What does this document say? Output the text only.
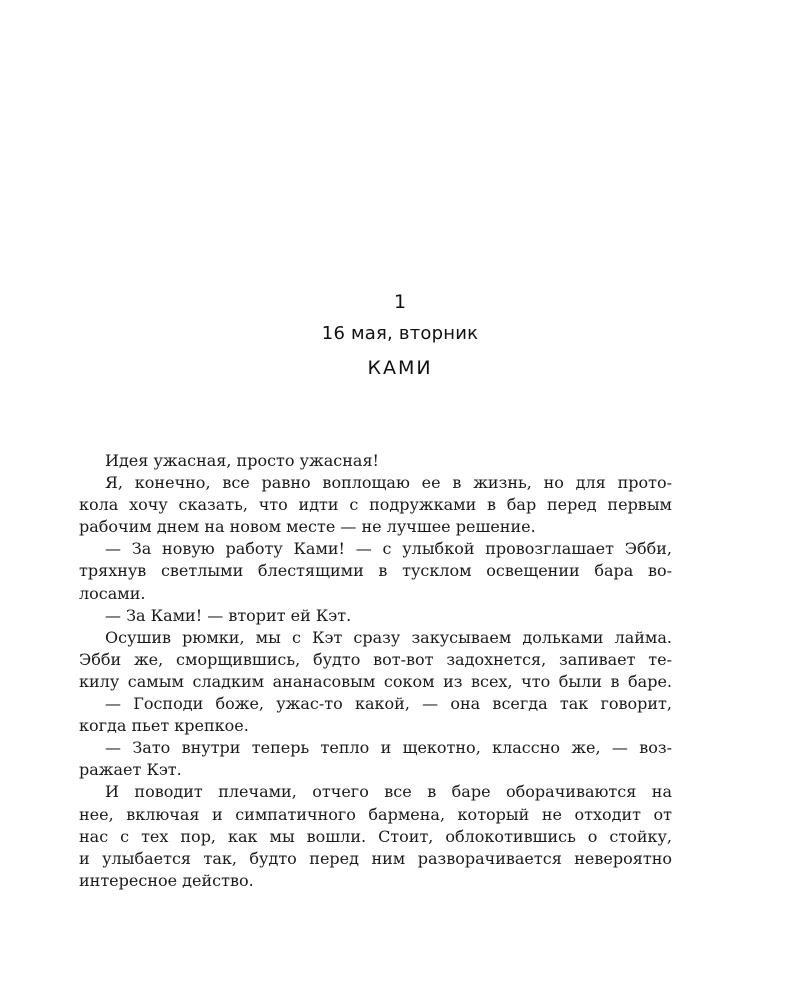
1
16 мая, вторник
КАМИ
Идея ужасная, просто ужасная!
Я, конечно, все равно воплощаю ее в жизнь, но для прото-
кола хочу сказать, что идти с подружками в бар перед первым
рабочим днем на новом месте — не лучшее решение.
— За новую работу Ками! — с улыбкой провозглашает Эбби,
тряхнув светлыми блестящими в тусклом освещении бара во-
лосами.
— За Ками! — вторит ей Кэт.
Осушив рюмки, мы с Кэт сразу закусываем дольками лайма.
Эбби же, сморщившись, будто вот-вот задохнется, запивает те-
килу самым сладким ананасовым соком из всех, что были в баре.
— Господи боже, ужас-то какой, — она всегда так говорит,
когда пьет крепкое.
— Зато внутри теперь тепло и щекотно, классно же, — воз-
ражает Кэт.
И поводит плечами, отчего все в баре оборачиваются на
нее, включая и симпатичного бармена, который не отходит от
нас с тех пор, как мы вошли. Стоит, облокотившись о стойку,
и улыбается так, будто перед ним разворачивается невероятно
интересное действо.
